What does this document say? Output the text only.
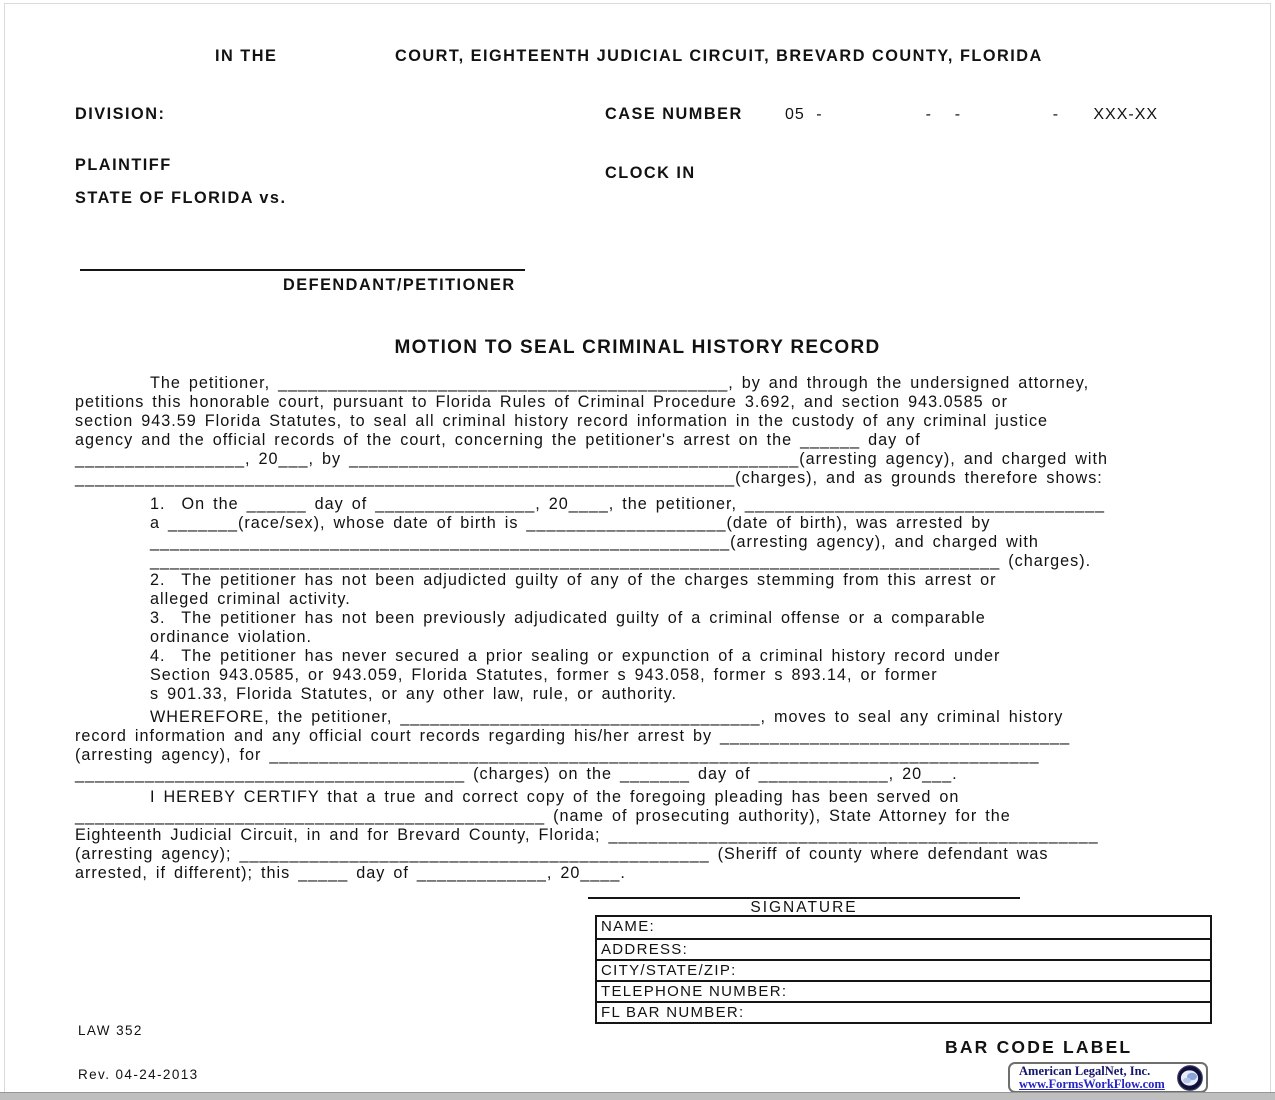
IN THE	COURT, EIGHTEENTH JUDICIAL CIRCUIT, BREVARD COUNTY, FLORIDA
DIVISION:	CASE NUMBER	05 -         -  -        -   XXX-XX
PLAINTIFF	CLOCK IN
STATE OF FLORIDA vs.
DEFENDANT/PETITIONER
MOTION TO SEAL CRIMINAL HISTORY RECORD
The petitioner, _____________________________________________, by and through the undersigned attorney,
petitions this honorable court, pursuant to Florida Rules of Criminal Procedure 3.692, and section 943.0585 or
section 943.59 Florida Statutes, to seal all criminal history record information in the custody of any criminal justice
agency and the official records of the court, concerning the petitioner's arrest on the ______ day of
_________________, 20___, by _____________________________________________(arresting agency), and charged with
__________________________________________________________________(charges), and as grounds therefore shows:
1.  On the ______ day of ________________, 20____, the petitioner, ____________________________________
a _______(race/sex), whose date of birth is ____________________(date of birth), was arrested by
__________________________________________________________(arresting agency), and charged with
_____________________________________________________________________________________ (charges).
2.  The petitioner has not been adjudicted guilty of any of the charges stemming from this arrest or
alleged criminal activity.
3.  The petitioner has not been previously adjudicated guilty of a criminal offense or a comparable
ordinance violation.
4.  The petitioner has never secured a prior sealing or expunction of a criminal history record under
Section 943.0585, or 943.059, Florida Statutes, former s 943.058, former s 893.14, or former
s 901.33, Florida Statutes, or any other law, rule, or authority.
WHEREFORE, the petitioner, ____________________________________, moves to seal any criminal history
record information and any official court records regarding his/her arrest by ___________________________________
(arresting agency), for _____________________________________________________________________________
_______________________________________ (charges) on the _______ day of _____________, 20___.
I HEREBY CERTIFY that a true and correct copy of the foregoing pleading has been served on
_______________________________________________ (name of prosecuting authority), State Attorney for the
Eighteenth Judicial Circuit, in and for Brevard County, Florida; _________________________________________________
(arresting agency); _______________________________________________ (Sheriff of county where defendant was
arrested, if different); this _____ day of _____________, 20____.
SIGNATURE
NAME:
ADDRESS:
CITY/STATE/ZIP:
TELEPHONE NUMBER:
FL BAR NUMBER:

LAW 352

Rev. 04-24-2013

BAR CODE LABEL
American LegalNet, Inc.
www.FormsWorkFlow.com
